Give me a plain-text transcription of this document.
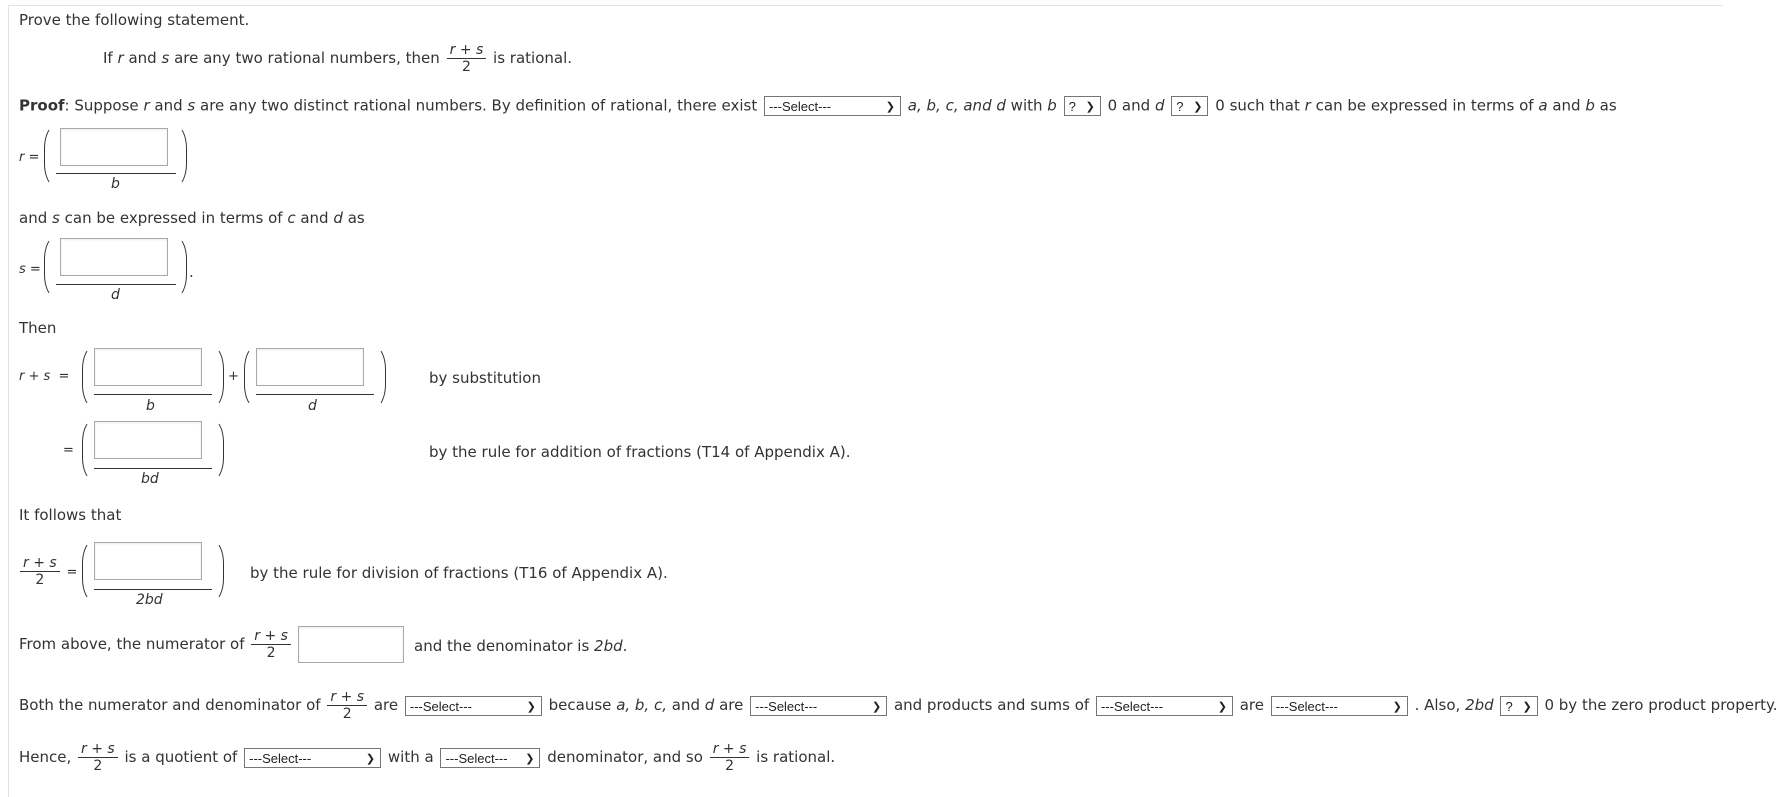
Prove the following statement.
If r and s are any two rational numbers, then $\frac{r + s}{2}$ is rational.
Proof: Suppose r and s are any two distinct rational numbers. By definition of rational, there exist ---Select---	❯ a, b, c, and d with b ? ❯ 0 and d ? ❯ 0 such that r can be expressed in terms of a and b as
r =
b
and s can be expressed in terms of c and d as
s =
d
.
Then
r + s  =
b
+
d
by substitution
=
bd
by the rule for addition of fractions (T14 of Appendix A).
It follows that
$\frac{r + s}{2}$ =
2bd
by the rule for division of fractions (T16 of Appendix A).
From above, the numerator of $\frac{r + s}{2}$	and the denominator is 2bd.
Both the numerator and denominator of $\frac{r + s}{2}$ are ---Select---	❯ because a, b, c, and d are ---Select---	❯ and products and sums of ---Select---	❯ are ---Select---	❯ . Also, 2bd ? ❯ 0 by the zero product property.
Hence, $\frac{r + s}{2}$ is a quotient of ---Select---	❯ with a ---Select--- ❯ denominator, and so $\frac{r + s}{2}$ is rational.
